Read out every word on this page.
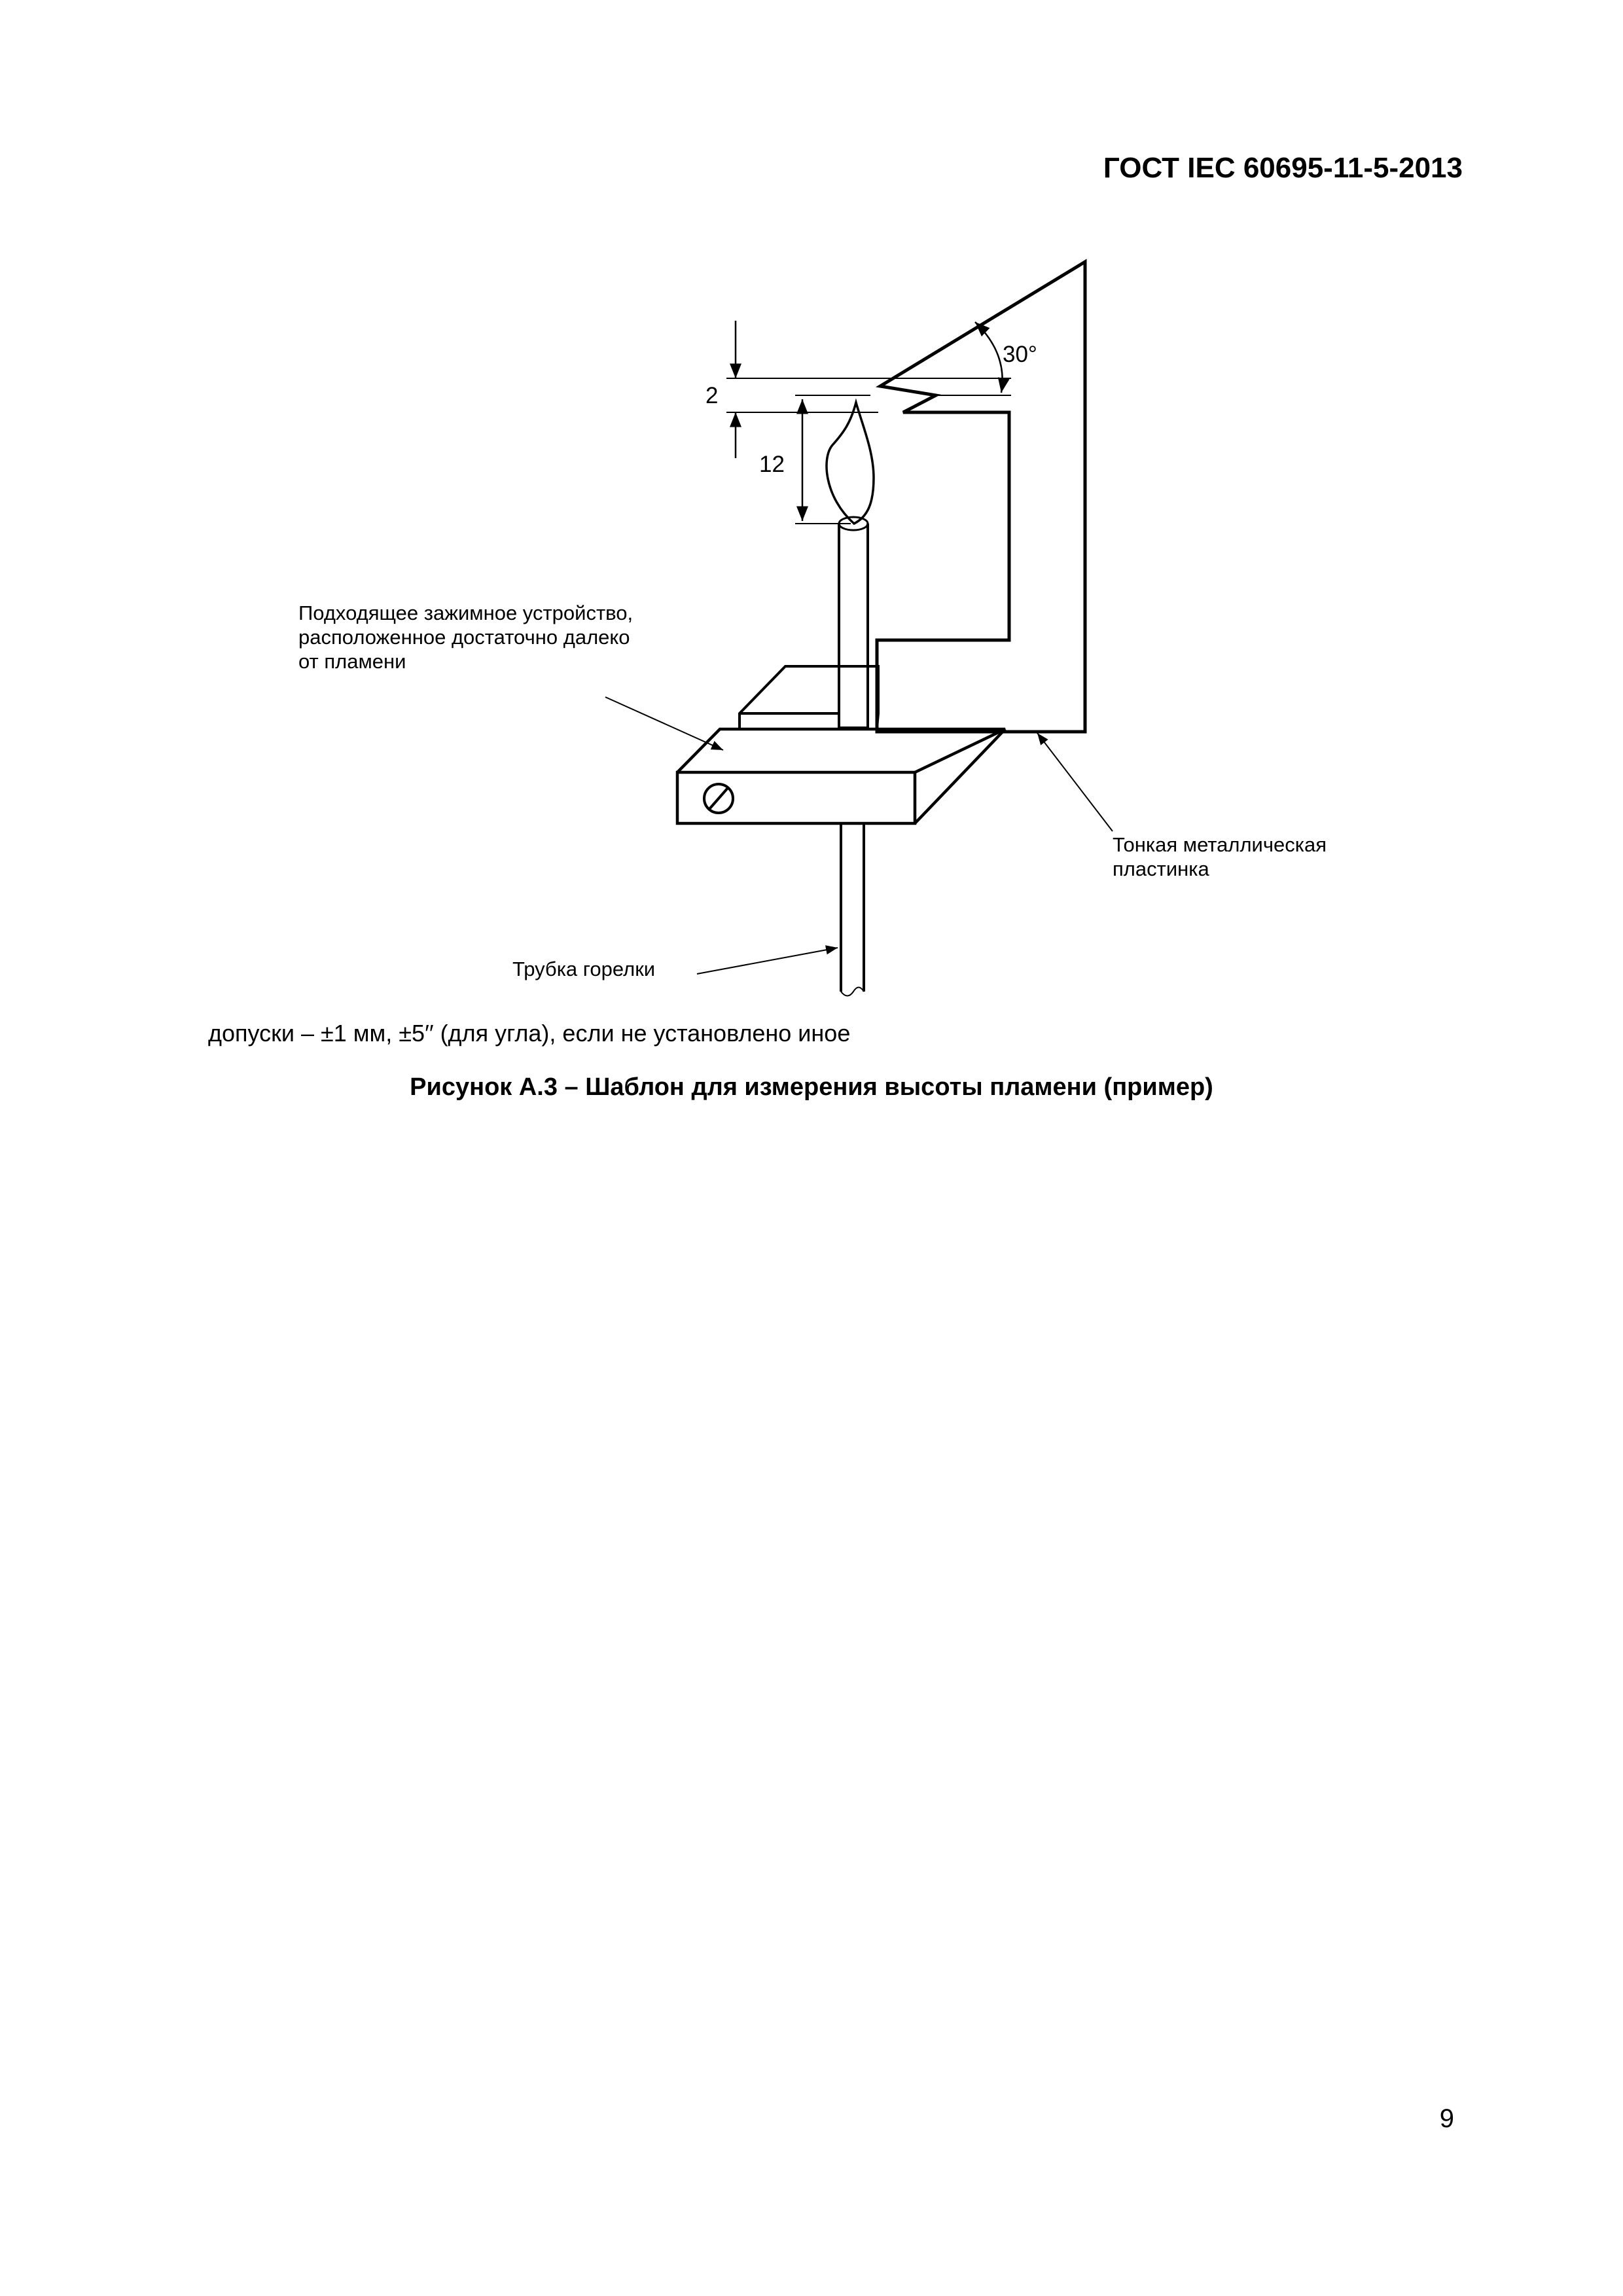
ГОСТ IEC 60695-11-5-2013
2
12
30°
Подходящее зажимное устройство,
расположенное достаточно далеко
от пламени
Тонкая металлическая
пластинка
Трубка горелки
допуски – ±1 мм, ±5′′ (для угла), если не установлено иное
Рисунок А.3 – Шаблон для измерения высоты пламени (пример)
9
